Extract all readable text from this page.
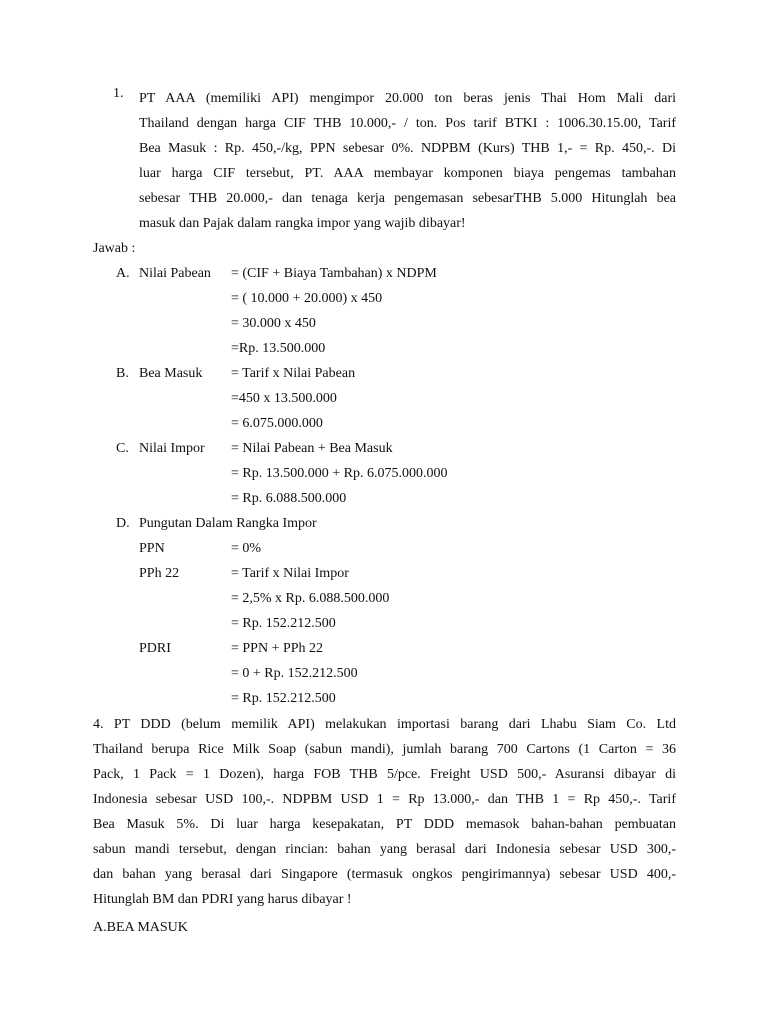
1. PT AAA (memiliki API) mengimpor 20.000 ton beras jenis Thai Hom Mali dari
Thailand dengan harga CIF THB 10.000,- / ton. Pos tarif BTKI : 1006.30.15.00, Tarif
Bea Masuk : Rp. 450,-/kg, PPN sebesar 0%. NDPBM (Kurs) THB 1,- = Rp. 450,-. Di
luar harga CIF tersebut, PT. AAA membayar komponen biaya pengemas tambahan
sebesar THB 20.000,- dan tenaga kerja pengemasan sebesarTHB 5.000 Hitunglah bea
masuk dan Pajak dalam rangka impor yang wajib dibayar!
Jawab :
A. Nilai Pabean	= (CIF + Biaya Tambahan) x NDPM
= ( 10.000 + 20.000) x 450
= 30.000 x 450
=Rp. 13.500.000
B. Bea Masuk	= Tarif x Nilai Pabean
=450 x 13.500.000
= 6.075.000.000
C. Nilai Impor	= Nilai Pabean + Bea Masuk
= Rp. 13.500.000 + Rp. 6.075.000.000
= Rp. 6.088.500.000
D. Pungutan Dalam Rangka Impor
PPN	= 0%
PPh 22	= Tarif x Nilai Impor
= 2,5% x Rp. 6.088.500.000
= Rp. 152.212.500
PDRI	= PPN + PPh 22
= 0 + Rp. 152.212.500
= Rp. 152.212.500

4. PT DDD (belum memilik API) melakukan importasi barang dari Lhabu Siam Co. Ltd

Thailand berupa Rice Milk Soap (sabun mandi), jumlah barang 700 Cartons (1 Carton = 36

Pack, 1 Pack = 1 Dozen), harga FOB THB 5/pce. Freight USD 500,- Asuransi dibayar di

Indonesia sebesar USD 100,-. NDPBM USD 1 = Rp 13.000,- dan THB 1 = Rp 450,-. Tarif

Bea Masuk 5%. Di luar harga kesepakatan, PT DDD memasok bahan-bahan pembuatan

sabun mandi tersebut, dengan rincian: bahan yang berasal dari Indonesia sebesar USD 300,-

dan bahan yang berasal dari Singapore (termasuk ongkos pengirimannya) sebesar USD 400,-

Hitunglah BM dan PDRI yang harus dibayar !

A.BEA MASUK
